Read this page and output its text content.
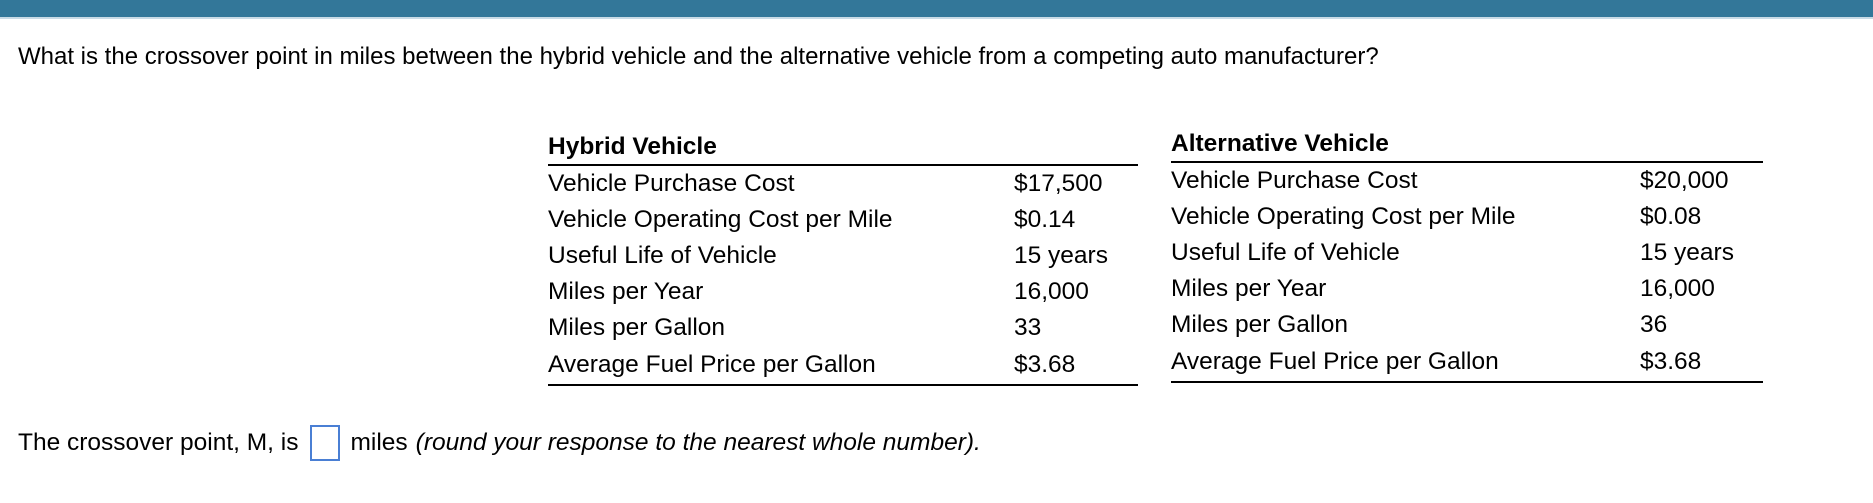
What is the crossover point in miles between the hybrid vehicle and the alternative vehicle from a competing auto manufacturer?
Hybrid Vehicle	
Vehicle Purchase Cost	$17,500
Vehicle Operating Cost per Mile	$0.14
Useful Life of Vehicle	15 years
Miles per Year	16,000
Miles per Gallon	33
Average Fuel Price per Gallon	$3.68
Alternative Vehicle	
Vehicle Purchase Cost	$20,000
Vehicle Operating Cost per Mile	$0.08
Useful Life of Vehicle	15 years
Miles per Year	16,000
Miles per Gallon	36
Average Fuel Price per Gallon	$3.68
The crossover point, M, is miles (round your response to the nearest whole number).
